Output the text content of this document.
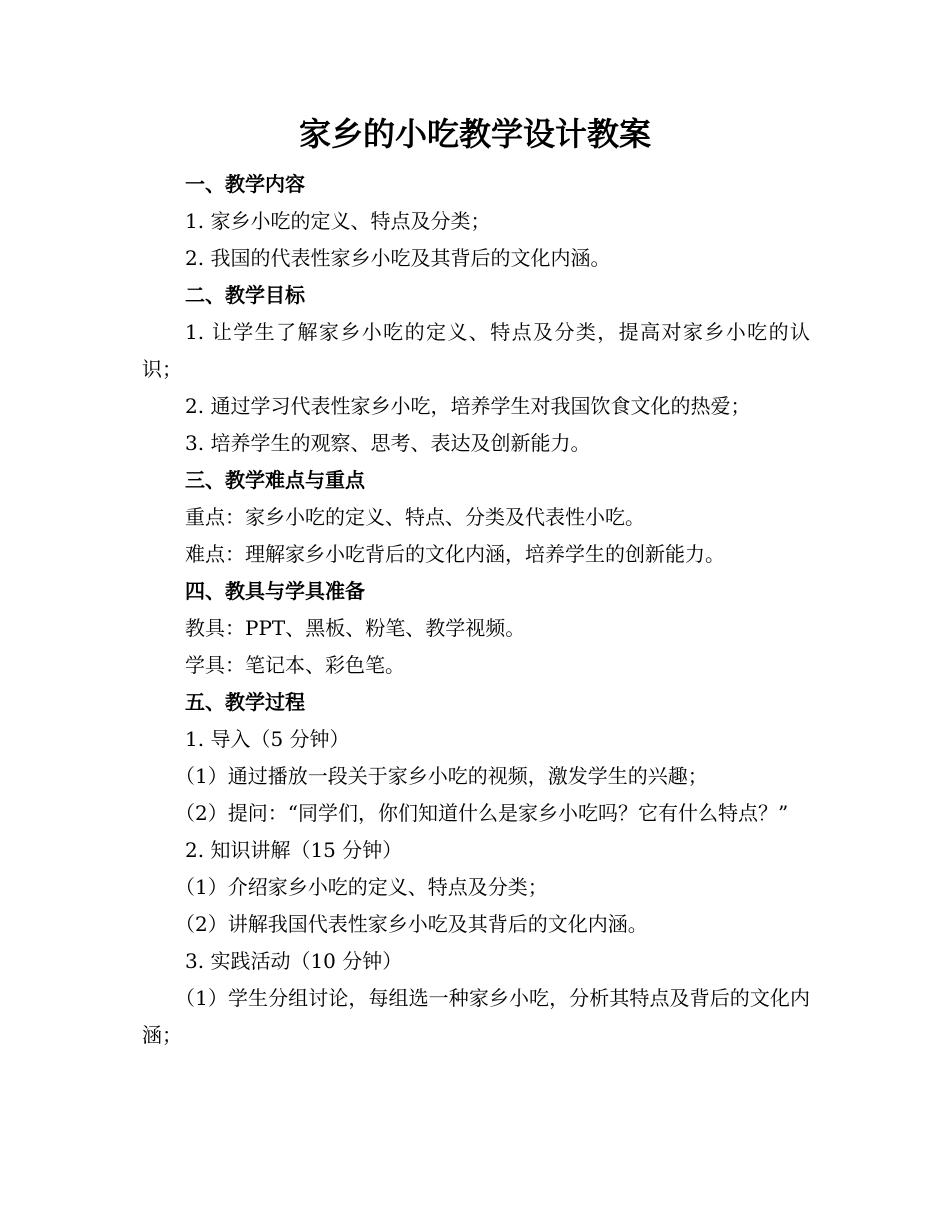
家乡的小吃教学设计教案

一、教学内容

1. 家乡小吃的定义、特点及分类；

2. 我国的代表性家乡小吃及其背后的文化内涵。

二、教学目标

1. 让学生了解家乡小吃的定义、特点及分类，提高对家乡小吃的认识；

2. 通过学习代表性家乡小吃，培养学生对我国饮食文化的热爱；

3. 培养学生的观察、思考、表达及创新能力。

三、教学难点与重点

重点：家乡小吃的定义、特点、分类及代表性小吃。

难点：理解家乡小吃背后的文化内涵，培养学生的创新能力。

四、教具与学具准备

教具：PPT、黑板、粉笔、教学视频。

学具：笔记本、彩色笔。

五、教学过程

1. 导入（5 分钟）

（1）通过播放一段关于家乡小吃的视频，激发学生的兴趣；

（2）提问：“同学们，你们知道什么是家乡小吃吗？它有什么特点？”

2. 知识讲解（15 分钟）

（1）介绍家乡小吃的定义、特点及分类；

（2）讲解我国代表性家乡小吃及其背后的文化内涵。

3. 实践活动（10 分钟）

（1）学生分组讨论，每组选一种家乡小吃，分析其特点及背后的文化内涵；
